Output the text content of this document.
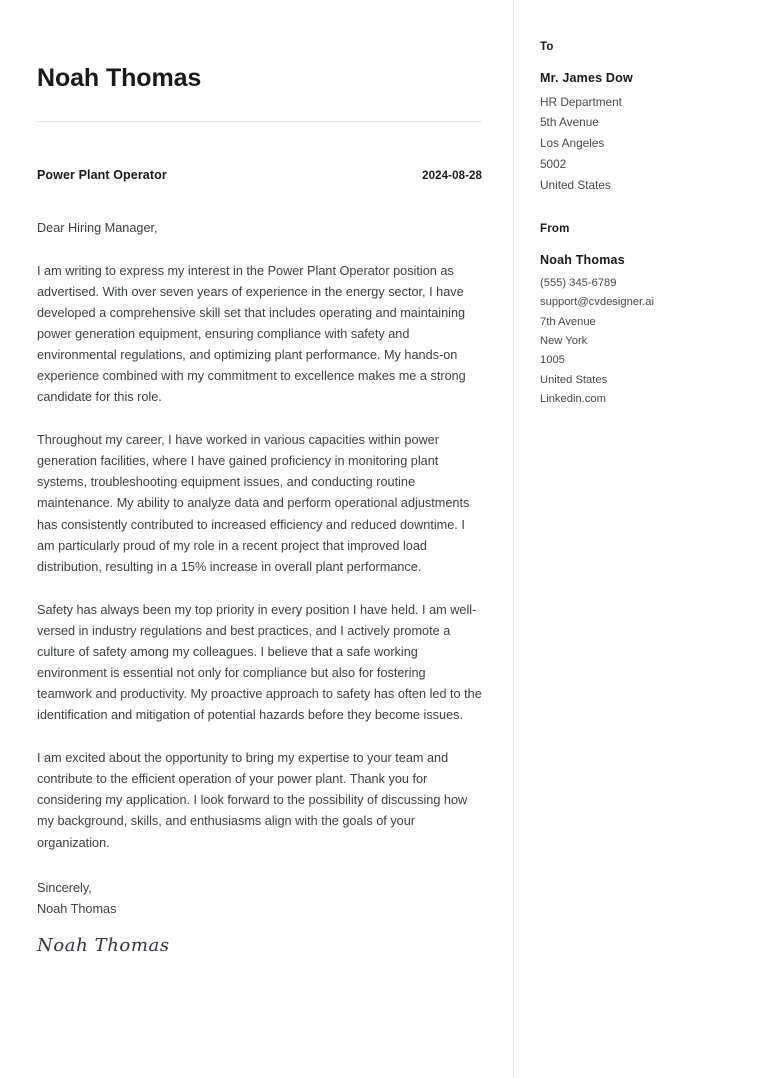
Noah Thomas
Power Plant Operator	2024-08-28

Dear Hiring Manager,

I am writing to express my interest in the Power Plant Operator position as advertised. With over seven years of experience in the energy sector, I have developed a comprehensive skill set that includes operating and maintaining power generation equipment, ensuring compliance with safety and environmental regulations, and optimizing plant performance. My hands-on experience combined with my commitment to excellence makes me a strong candidate for this role.

Throughout my career, I have worked in various capacities within power generation facilities, where I have gained proficiency in monitoring plant systems, troubleshooting equipment issues, and conducting routine maintenance. My ability to analyze data and perform operational adjustments has consistently contributed to increased efficiency and reduced downtime. I am particularly proud of my role in a recent project that improved load distribution, resulting in a 15% increase in overall plant performance.

Safety has always been my top priority in every position I have held. I am well-versed in industry regulations and best practices, and I actively promote a culture of safety among my colleagues. I believe that a safe working environment is essential not only for compliance but also for fostering teamwork and productivity. My proactive approach to safety has often led to the identification and mitigation of potential hazards before they become issues.

I am excited about the opportunity to bring my expertise to your team and contribute to the efficient operation of your power plant. Thank you for considering my application. I look forward to the possibility of discussing how my background, skills, and enthusiasms align with the goals of your organization.

Sincerely,
Noah Thomas
Noah Thomas
To
Mr. James Dow
HR Department
5th Avenue
Los Angeles
5002
United States
From
Noah Thomas
(555) 345-6789
support@cvdesigner.ai
7th Avenue
New York
1005
United States
Linkedin.com
